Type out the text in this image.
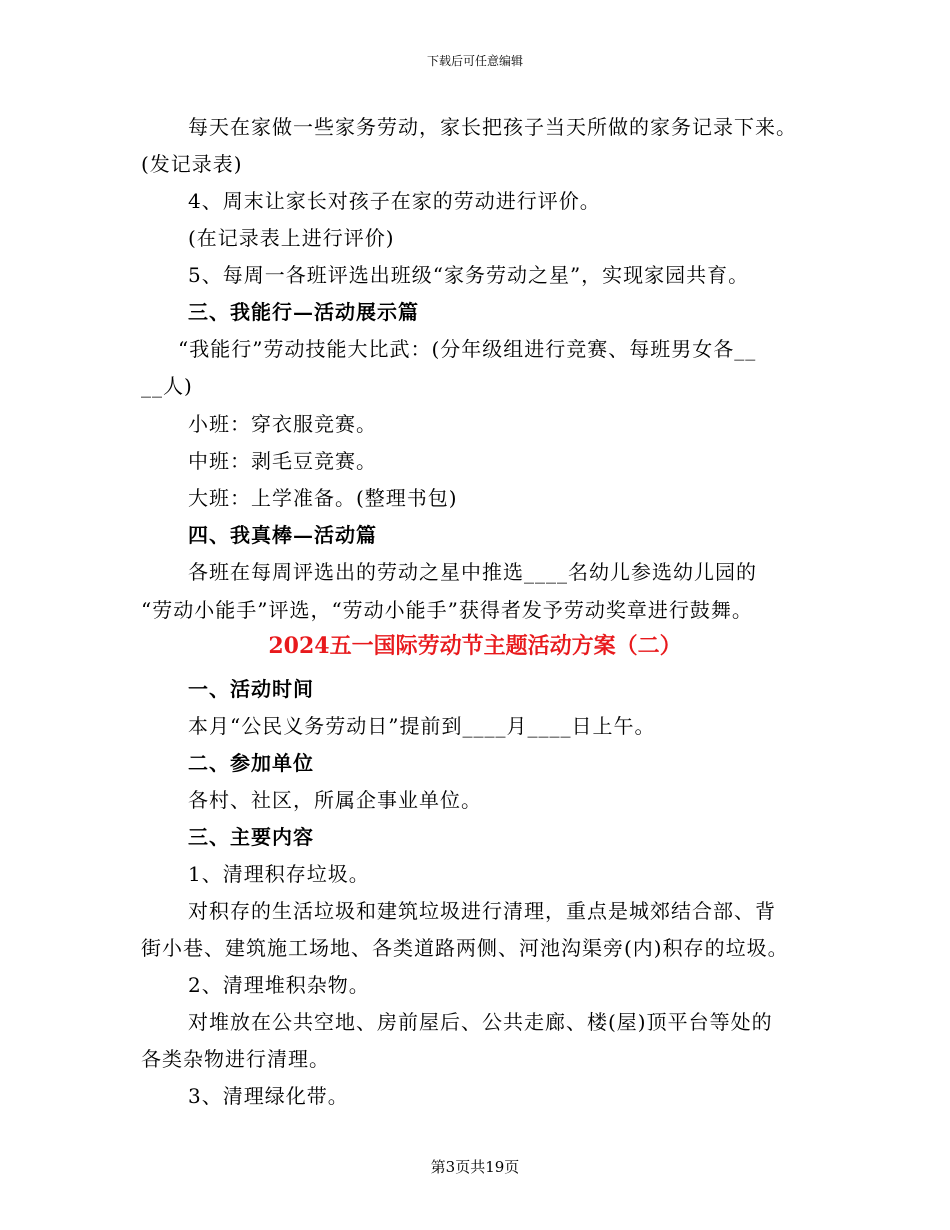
下载后可任意编辑
每天在家做一些家务劳动，家长把孩子当天所做的家务记录下来。
(发记录表)
4、周末让家长对孩子在家的劳动进行评价。
(在记录表上进行评价)
5、每周一各班评选出班级“家务劳动之星”，实现家园共育。
三、我能行—活动展示篇
“我能行”劳动技能大比武：(分年级组进行竞赛、每班男女各__
__人)
小班：穿衣服竞赛。
中班：剥毛豆竞赛。
大班：上学准备。(整理书包)
四、我真棒—活动篇
各班在每周评选出的劳动之星中推选____名幼儿参选幼儿园的
“劳动小能手”评选，“劳动小能手”获得者发予劳动奖章进行鼓舞。
2024五一国际劳动节主题活动方案（二）
一、活动时间
本月“公民义务劳动日”提前到____月____日上午。
二、参加单位
各村、社区，所属企事业单位。
三、主要内容
1、清理积存垃圾。
对积存的生活垃圾和建筑垃圾进行清理，重点是城郊结合部、背
街小巷、建筑施工场地、各类道路两侧、河池沟渠旁(内)积存的垃圾。
2、清理堆积杂物。
对堆放在公共空地、房前屋后、公共走廊、楼(屋)顶平台等处的
各类杂物进行清理。
3、清理绿化带。
第3页共19页
